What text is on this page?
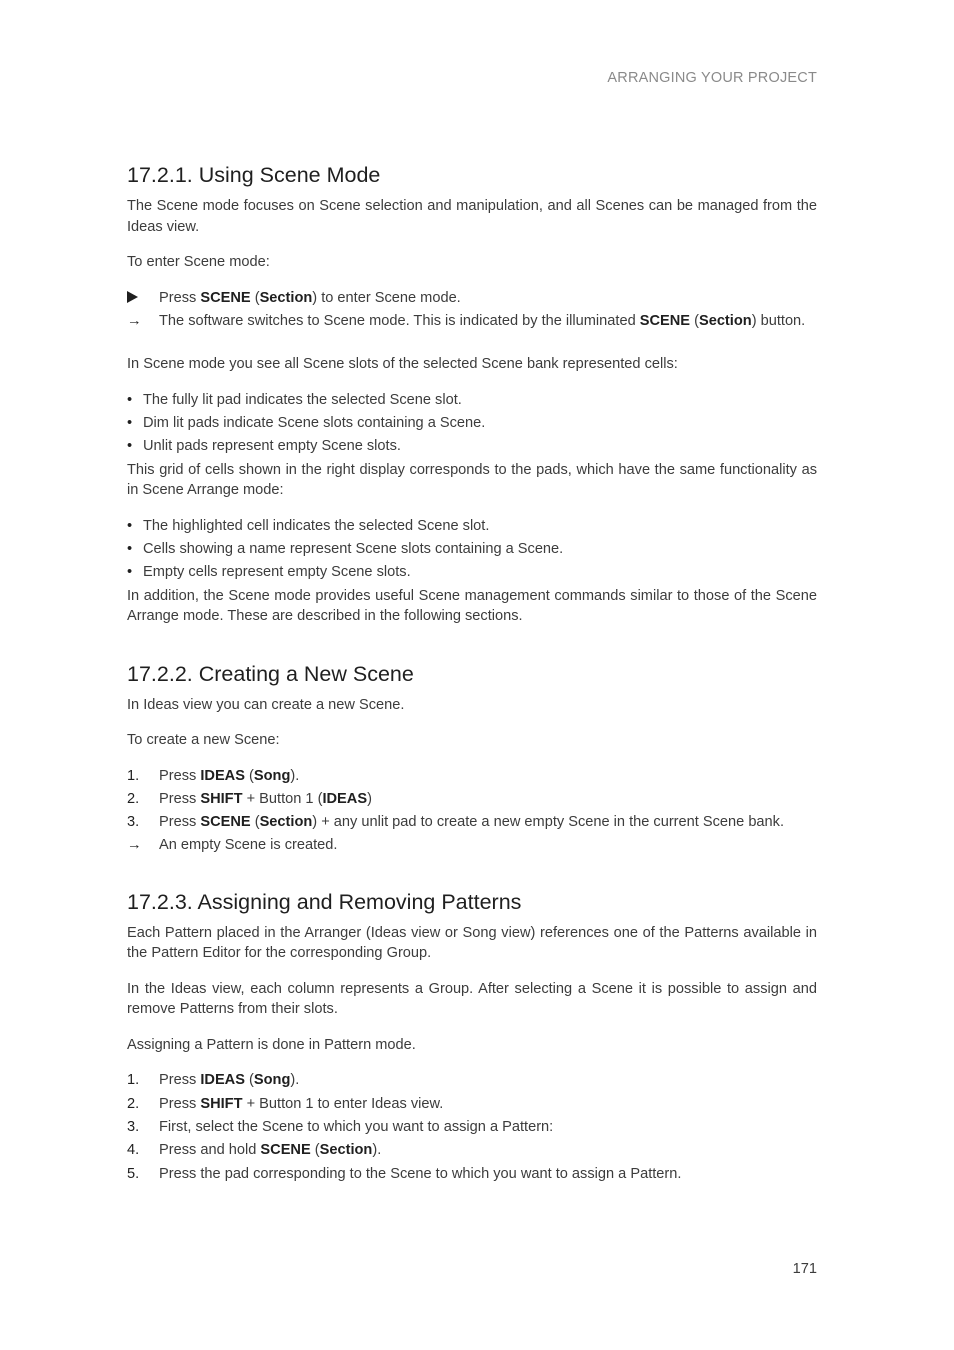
ARRANGING YOUR PROJECT
17.2.1. Using Scene Mode

The Scene mode focuses on Scene selection and manipulation, and all Scenes can be managed from the Ideas view.

To enter Scene mode:

Press SCENE (Section) to enter Scene mode.
→	The software switches to Scene mode. This is indicated by the illuminated SCENE (Section) button.

In Scene mode you see all Scene slots of the selected Scene bank represented cells:

• The fully lit pad indicates the selected Scene slot.
• Dim lit pads indicate Scene slots containing a Scene.
• Unlit pads represent empty Scene slots.

This grid of cells shown in the right display corresponds to the pads, which have the same functionality as in Scene Arrange mode:

• The highlighted cell indicates the selected Scene slot.
• Cells showing a name represent Scene slots containing a Scene.
• Empty cells represent empty Scene slots.

In addition, the Scene mode provides useful Scene management commands similar to those of the Scene Arrange mode. These are described in the following sections.

17.2.2. Creating a New Scene

In Ideas view you can create a new Scene.

To create a new Scene:

1.	Press IDEAS (Song).
2.	Press SHIFT + Button 1 (IDEAS)
3.	Press SCENE (Section) + any unlit pad to create a new empty Scene in the current Scene bank.
→	An empty Scene is created.
17.2.3. Assigning and Removing Patterns

Each Pattern placed in the Arranger (Ideas view or Song view) references one of the Patterns available in the Pattern Editor for the corresponding Group.

In the Ideas view, each column represents a Group. After selecting a Scene it is possible to assign and remove Patterns from their slots.

Assigning a Pattern is done in Pattern mode.

1.	Press IDEAS (Song).
2.	Press SHIFT + Button 1 to enter Ideas view.
3.	First, select the Scene to which you want to assign a Pattern:
4.	Press and hold SCENE (Section).
5.	Press the pad corresponding to the Scene to which you want to assign a Pattern.
171
